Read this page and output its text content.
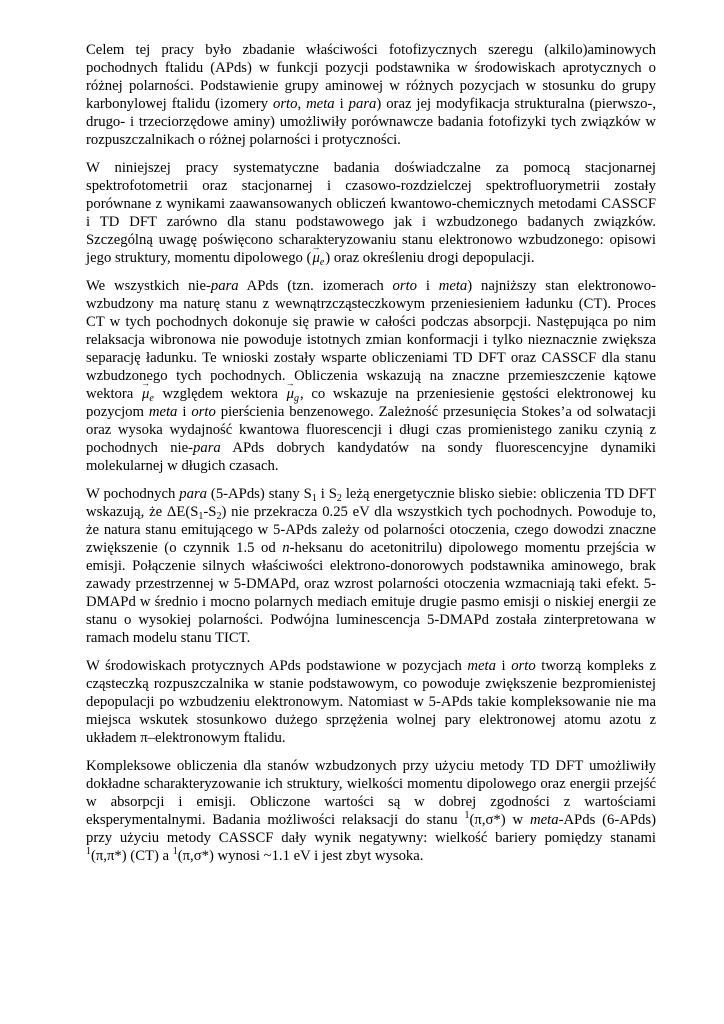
Celem tej pracy było zbadanie właściwości fotofizycznych szeregu (alkilo)aminowych pochodnych ftalidu (APds) w funkcji pozycji podstawnika w środowiskach aprotycznych o różnej polarności. Podstawienie grupy aminowej w różnych pozycjach w stosunku do grupy karbonylowej ftalidu (izomery orto, meta i para) oraz jej modyfikacja strukturalna (pierwszo-, drugo- i trzeciorzędowe aminy) umożliwiły porównawcze badania fotofizyki tych związków w rozpuszczalnikach o różnej polarności i protyczności.

W niniejszej pracy systematyczne badania doświadczalne za pomocą stacjonarnej spektrofotometrii oraz stacjonarnej i czasowo-rozdzielczej spektrofluorymetrii zostały porównane z wynikami zaawansowanych obliczeń kwantowo-chemicznych metodami CASSCF i TD DFT zarówno dla stanu podstawowego jak i wzbudzonego badanych związków. Szczególną uwagę poświęcono scharakteryzowaniu stanu elektronowo wzbudzonego: opisowi jego struktury, momentu dipolowego (→ $\mu_e$) oraz określeniu drogi depopulacji.

We wszystkich nie-para APds (tzn. izomerach orto i meta) najniższy stan elektronowo-wzbudzony ma naturę stanu z wewnątrzcząsteczkowym przeniesieniem ładunku (CT). Proces CT w tych pochodnych dokonuje się prawie w całości podczas absorpcji. Następująca po nim relaksacja wibronowa nie powoduje istotnych zmian konformacji i tylko nieznacznie zwiększa separację ładunku. Te wnioski zostały wsparte obliczeniami TD DFT oraz CASSCF dla stanu wzbudzonego tych pochodnych. Obliczenia wskazują na znaczne przemieszczenie kątowe wektora → $\mu_e$ względem wektora → $\mu_g$, co wskazuje na przeniesienie gęstości elektronowej ku pozycjom meta i orto pierścienia benzenowego. Zależność przesunięcia Stokes’a od solwatacji oraz wysoka wydajność kwantowa fluorescencji i długi czas promienistego zaniku czynią z pochodnych nie-para APds dobrych kandydatów na sondy fluorescencyjne dynamiki molekularnej w długich czasach.

W pochodnych para (5-APds) stany $S_1$ i $S_2$ leżą energetycznie blisko siebie: obliczenia TD DFT wskazują, że $\Delta E(S_1-S_2)$ nie przekracza 0.25 eV dla wszystkich tych pochodnych. Powoduje to, że natura stanu emitującego w 5-APds zależy od polarności otoczenia, czego dowodzi znaczne zwiększenie (o czynnik 1.5 od n-heksanu do acetonitrilu) dipolowego momentu przejścia w emisji. Połączenie silnych właściwości elektrono-donorowych podstawnika aminowego, brak zawady przestrzennej w 5-DMAPd, oraz wzrost polarności otoczenia wzmacniają taki efekt. 5-DMAPd w średnio i mocno polarnych mediach emituje drugie pasmo emisji o niskiej energii ze stanu o wysokiej polarności. Podwójna luminescencja 5-DMAPd została zinterpretowana w ramach modelu stanu TICT.

W środowiskach protycznych APds podstawione w pozycjach meta i orto tworzą kompleks z cząsteczką rozpuszczalnika w stanie podstawowym, co powoduje zwiększenie bezpromienistej depopulacji po wzbudzeniu elektronowym. Natomiast w 5-APds takie kompleksowanie nie ma miejsca wskutek stosunkowo dużego sprzężenia wolnej pary elektronowej atomu azotu z układem π–elektronowym ftalidu.

Kompleksowe obliczenia dla stanów wzbudzonych przy użyciu metody TD DFT umożliwiły dokładne scharakteryzowanie ich struktury, wielkości momentu dipolowego oraz energii przejść w absorpcji i emisji. Obliczone wartości są w dobrej zgodności z wartościami eksperymentalnymi. Badania możliwości relaksacji do stanu $^1$(π,σ*) w meta-APds (6-APds) przy użyciu metody CASSCF dały wynik negatywny: wielkość bariery pomiędzy stanami $^1$(π,π*) (CT) a $^1$(π,σ*) wynosi ~1.1 eV i jest zbyt wysoka.
